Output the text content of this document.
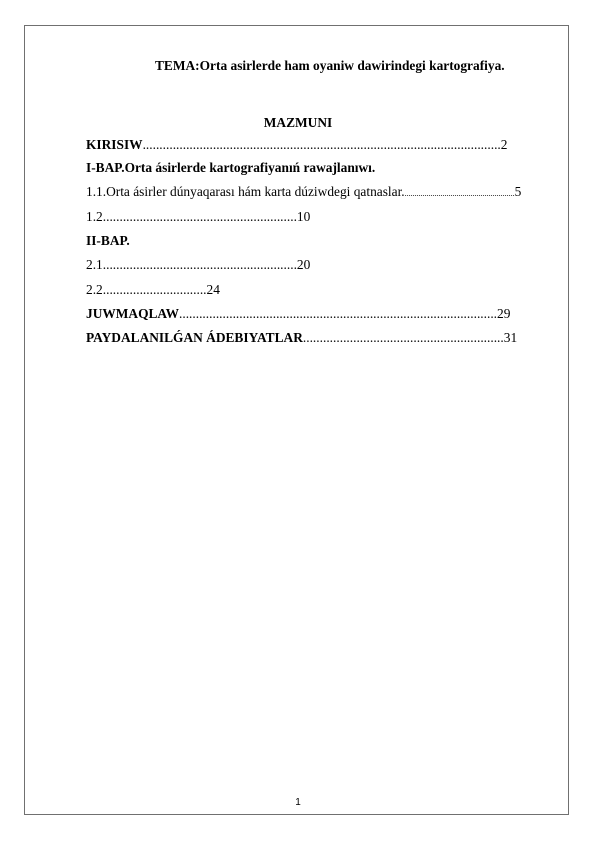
TEMA:Orta asirlerde ham oyaniw dawirindegi kartografiya.
MAZMUNI
KIRISIW...........................................................................................................2
I-BAP.Orta ásirlerde kartografiyanıń rawajlanıwı.
1.1.Orta ásirler dúnyaqarası hám karta dúziwdegi qatnaslar........................................................5
1.2..........................................................10
II-BAP.
2.1..........................................................20
2.2...............................24
JUWMAQLAW...............................................................................................29
PAYDALANILǴAN ÁDEBIYATLAR............................................................31
1
